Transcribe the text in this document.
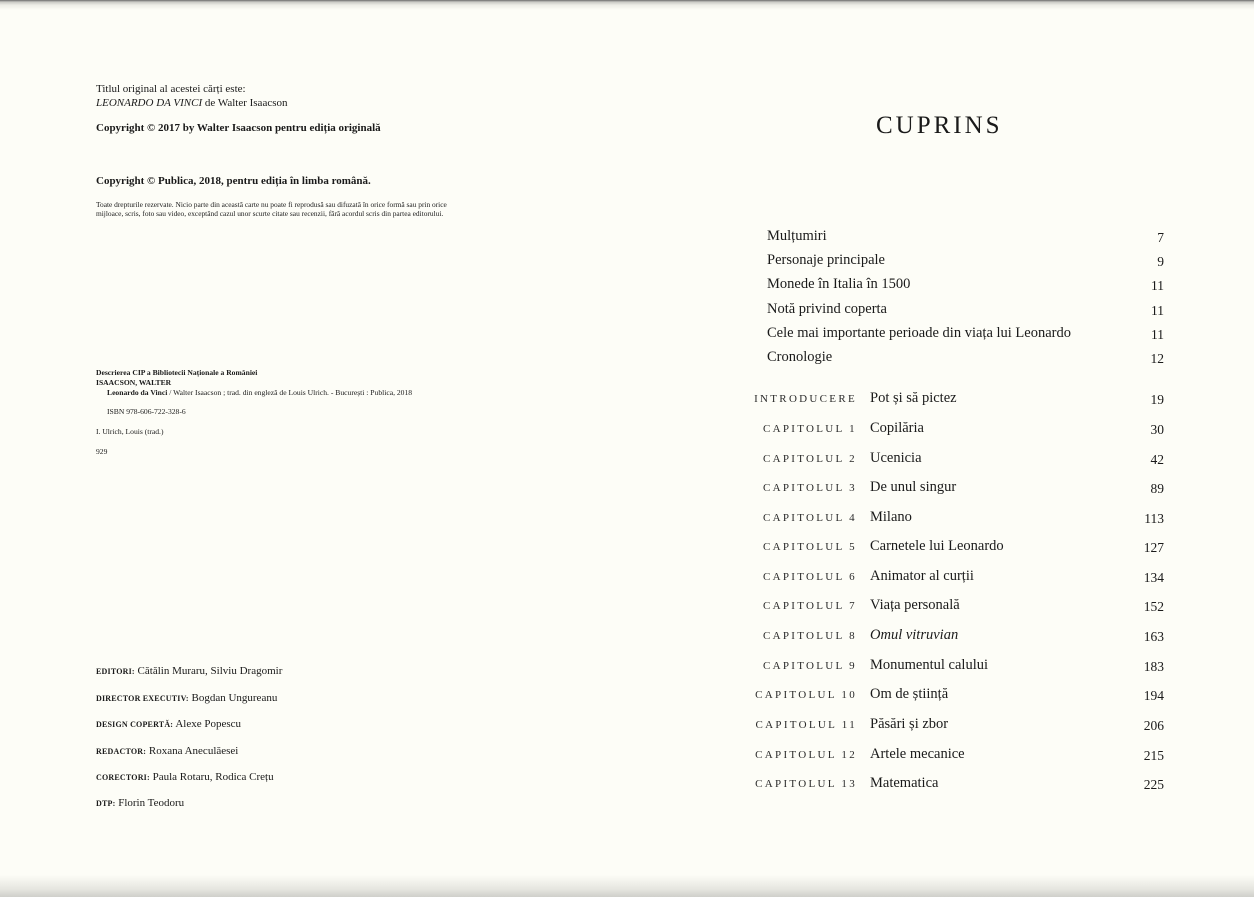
Titlul original al acestei cărți este:
LEONARDO DA VINCI de Walter Isaacson
Copyright © 2017 by Walter Isaacson pentru ediția originală
Copyright © Publica, 2018, pentru ediția în limba română.
Toate drepturile rezervate. Nicio parte din această carte nu poate fi reprodusă sau difuzată în orice formă sau prin orice mijloace, scris, foto sau video, exceptând cazul unor scurte citate sau recenzii, fără acordul scris din partea editorului.
Descrierea CIP a Bibliotecii Naționale a României
ISAACSON, WALTER
Leonardo da Vinci / Walter Isaacson ; trad. din engleză de Louis Ulrich. - București : Publica, 2018
ISBN 978-606-722-328-6
I. Ulrich, Louis (trad.)
929
EDITORI: Cătălin Muraru, Silviu Dragomir
DIRECTOR EXECUTIV: Bogdan Ungureanu
DESIGN COPERTĂ: Alexe Popescu
REDACTOR: Roxana Aneculăesei
CORECTORI: Paula Rotaru, Rodica Crețu
DTP: Florin Teodoru
CUPRINS
Mulțumiri	7
Personaje principale	9
Monede în Italia în 1500	11
Notă privind coperta	11
Cele mai importante perioade din viața lui Leonardo	11
Cronologie	12
INTRODUCERE Pot și să pictez	19
CAPITOLUL 1 Copilăria	30
CAPITOLUL 2 Ucenicia	42
CAPITOLUL 3 De unul singur	89
CAPITOLUL 4 Milano	113
CAPITOLUL 5 Carnetele lui Leonardo	127
CAPITOLUL 6 Animator al curții	134
CAPITOLUL 7 Viața personală	152
CAPITOLUL 8 Omul vitruvian	163
CAPITOLUL 9 Monumentul calului	183
CAPITOLUL 10 Om de știință	194
CAPITOLUL 11 Păsări și zbor	206
CAPITOLUL 12 Artele mecanice	215
CAPITOLUL 13 Matematica	225
